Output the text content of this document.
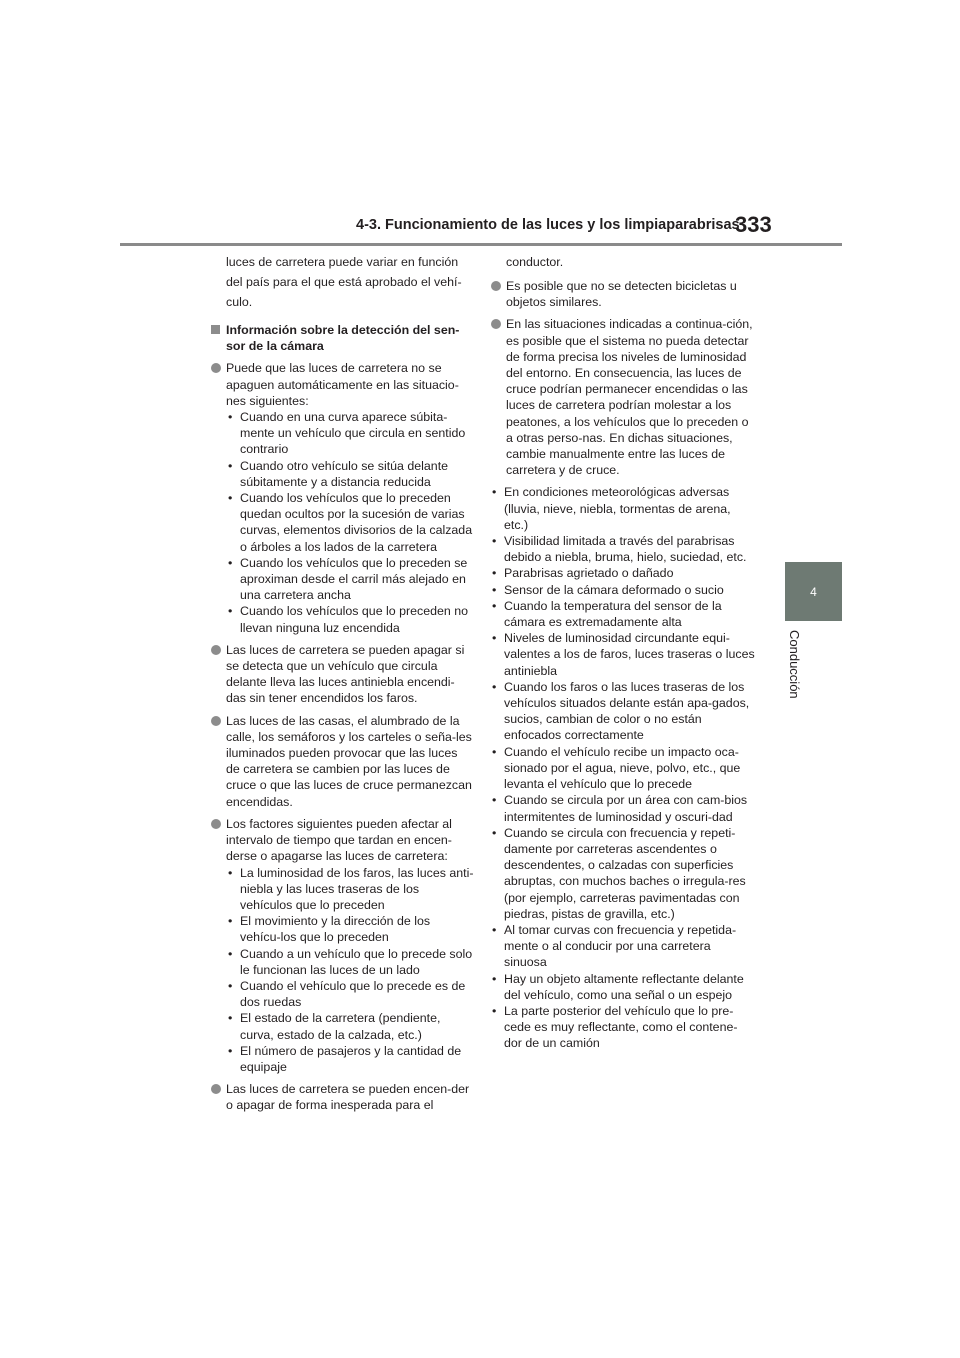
4-3. Funcionamiento de las luces y los limpiaparabrisas
333
4
Conducción

luces de carretera puede variar en función del país para el que está aprobado el vehí-culo.

Información sobre la detección del sen-sor de la cámara
Puede que las luces de carretera no se apaguen automáticamente en las situacio-nes siguientes:
• Cuando en una curva aparece súbita-mente un vehículo que circula en sentido contrario
• Cuando otro vehículo se sitúa delante súbitamente y a distancia reducida
• Cuando los vehículos que lo preceden quedan ocultos por la sucesión de varias curvas, elementos divisorios de la calzada o árboles a los lados de la carretera
• Cuando los vehículos que lo preceden se aproximan desde el carril más alejado en una carretera ancha
• Cuando los vehículos que lo preceden no llevan ninguna luz encendida
Las luces de carretera se pueden apagar si se detecta que un vehículo que circula delante lleva las luces antiniebla encendi-das sin tener encendidos los faros.
Las luces de las casas, el alumbrado de la calle, los semáforos y los carteles o seña-les iluminados pueden provocar que las luces de carretera se cambien por las luces de cruce o que las luces de cruce permanezcan encendidas.
Los factores siguientes pueden afectar al intervalo de tiempo que tardan en encen-derse o apagarse las luces de carretera:
• La luminosidad de los faros, las luces anti-niebla y las luces traseras de los vehículos que lo preceden
• El movimiento y la dirección de los vehícu-los que lo preceden
• Cuando a un vehículo que lo precede solo le funcionan las luces de un lado
• Cuando el vehículo que lo precede es de dos ruedas
• El estado de la carretera (pendiente, curva, estado de la calzada, etc.)
• El número de pasajeros y la cantidad de equipaje
Las luces de carretera se pueden encen-der o apagar de forma inesperada para el

conductor.

Es posible que no se detecten bicicletas u objetos similares.
En las situaciones indicadas a continua-ción, es posible que el sistema no pueda detectar de forma precisa los niveles de luminosidad del entorno. En consecuencia, las luces de cruce podrían permanecer encendidas o las luces de carretera podrían molestar a los peatones, a los vehículos que lo preceden o a otras perso-nas. En dichas situaciones, cambie manualmente entre las luces de carretera y de cruce.
• En condiciones meteorológicas adversas (lluvia, nieve, niebla, tormentas de arena, etc.)
• Visibilidad limitada a través del parabrisas debido a niebla, bruma, hielo, suciedad, etc.
• Parabrisas agrietado o dañado
• Sensor de la cámara deformado o sucio
• Cuando la temperatura del sensor de la cámara es extremadamente alta
• Niveles de luminosidad circundante equi-valentes a los de faros, luces traseras o luces antiniebla
• Cuando los faros o las luces traseras de los vehículos situados delante están apa-gados, sucios, cambian de color o no están enfocados correctamente
• Cuando el vehículo recibe un impacto oca-sionado por el agua, nieve, polvo, etc., que levanta el vehículo que lo precede
• Cuando se circula por un área con cam-bios intermitentes de luminosidad y oscuri-dad
• Cuando se circula con frecuencia y repeti-damente por carreteras ascendentes o descendentes, o calzadas con superficies abruptas, con muchos baches o irregula-res (por ejemplo, carreteras pavimentadas con piedras, pistas de gravilla, etc.)
• Al tomar curvas con frecuencia y repetida-mente o al conducir por una carretera sinuosa
• Hay un objeto altamente reflectante delante del vehículo, como una señal o un espejo
• La parte posterior del vehículo que lo pre-cede es muy reflectante, como el contene-dor de un camión
